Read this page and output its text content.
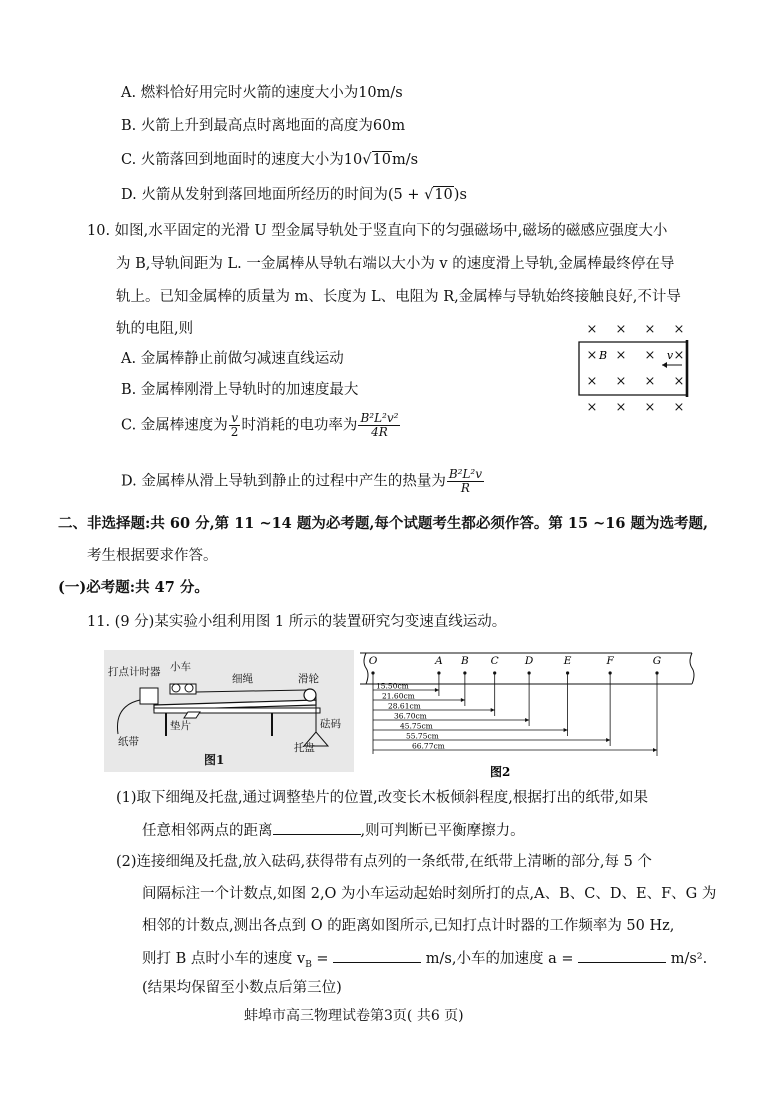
A. 燃料恰好用完时火箭的速度大小为10m/s
B. 火箭上升到最高点时离地面的高度为60m
C. 火箭落回到地面时的速度大小为10√10m/s
D. 火箭从发射到落回地面所经历的时间为(5 + √10)s
10. 如图,水平固定的光滑 U 型金属导轨处于竖直向下的匀强磁场中,磁场的磁感应强度大小
为 B,导轨间距为 L. 一金属棒从导轨右端以大小为 v 的速度滑上导轨,金属棒最终停在导
轨上。已知金属棒的质量为 m、长度为 L、电阻为 R,金属棒与导轨始终接触良好,不计导
轨的电阻,则	× × × ×
× × × ×
× × × ×
× × × ×
B	v
A. 金属棒静止前做匀减速直线运动
B. 金属棒刚滑上导轨时的加速度最大
C. 金属棒速度为 $\frac{v}{2}$ 时消耗的电功率为 $\frac{\text{B²L²v²}}{4R}$
D. 金属棒从滑上导轨到静止的过程中产生的热量为 $\frac{\text{B²L²v}}{R}$
二、非选择题:共 60 分,第 11 ~14 题为必考题,每个试题考生都必须作答。第 15 ~16 题为选考题,
考生根据要求作答。
(一)必考题:共 47 分。
11. (9 分)某实验小组利用图 1 所示的装置研究匀变速直线运动。
打点计时器 小车
细绳	滑轮
垫片
纸带
砝码
托盘
图1
O	A B C D	E	F	G
15.50cm
21.60cm
28.61cm
36.70cm
45.75cm
55.75cm
66.77cm
图2
(1)取下细绳及托盘,通过调整垫片的位置,改变长木板倾斜程度,根据打出的纸带,如果
任意相邻两点的距离	,则可判断已平衡摩擦力。
(2)连接细绳及托盘,放入砝码,获得带有点列的一条纸带,在纸带上清晰的部分,每 5 个
间隔标注一个计数点,如图 2,O 为小车运动起始时刻所打的点,A、B、C、D、E、F、G 为
相邻的计数点,测出各点到 O 的距离如图所示,已知打点计时器的工作频率为 50 Hz,
则打 B 点时小车的速度 $v_B$ =	m/s,小车的加速度 a =	m/s².
(结果均保留至小数点后第三位)
蚌埠市高三物理试卷第3页( 共6 页)
